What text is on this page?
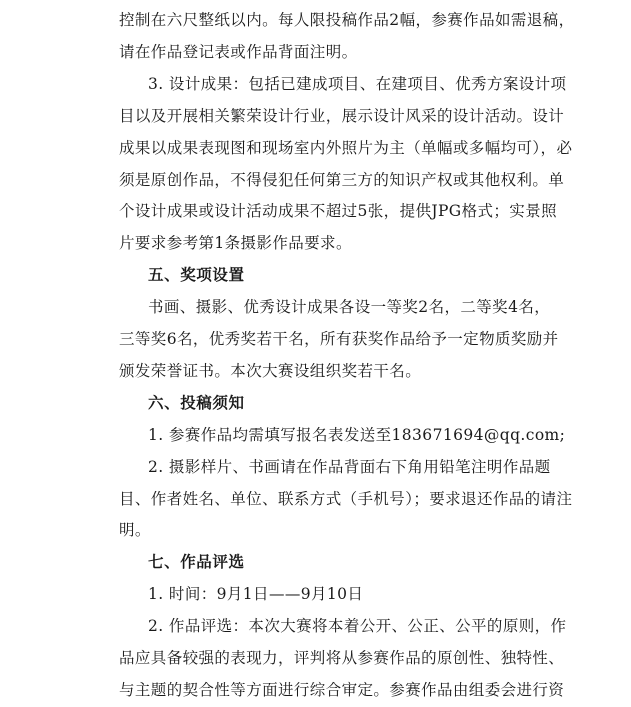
控制在六尺整纸以内。每人限投稿作品2幅，参赛作品如需退稿，

请在作品登记表或作品背面注明。

3. 设计成果：包括已建成项目、在建项目、优秀方案设计项

目以及开展相关繁荣设计行业，展示设计风采的设计活动。设计

成果以成果表现图和现场室内外照片为主（单幅或多幅均可），必

须是原创作品，不得侵犯任何第三方的知识产权或其他权利。单

个设计成果或设计活动成果不超过5张，提供JPG格式；实景照

片要求参考第1条摄影作品要求。

五、奖项设置

书画、摄影、优秀设计成果各设一等奖2名，二等奖4名，

三等奖6名，优秀奖若干名，所有获奖作品给予一定物质奖励并

颁发荣誉证书。本次大赛设组织奖若干名。

六、投稿须知

1. 参赛作品均需填写报名表发送至183671694@qq.com;

2. 摄影样片、书画请在作品背面右下角用铅笔注明作品题

目、作者姓名、单位、联系方式（手机号）；要求退还作品的请注

明。

七、作品评选

1. 时间：9月1日——9月10日

2. 作品评选：本次大赛将本着公开、公正、公平的原则，作

品应具备较强的表现力，评判将从参赛作品的原创性、独特性、

与主题的契合性等方面进行综合审定。参赛作品由组委会进行资
